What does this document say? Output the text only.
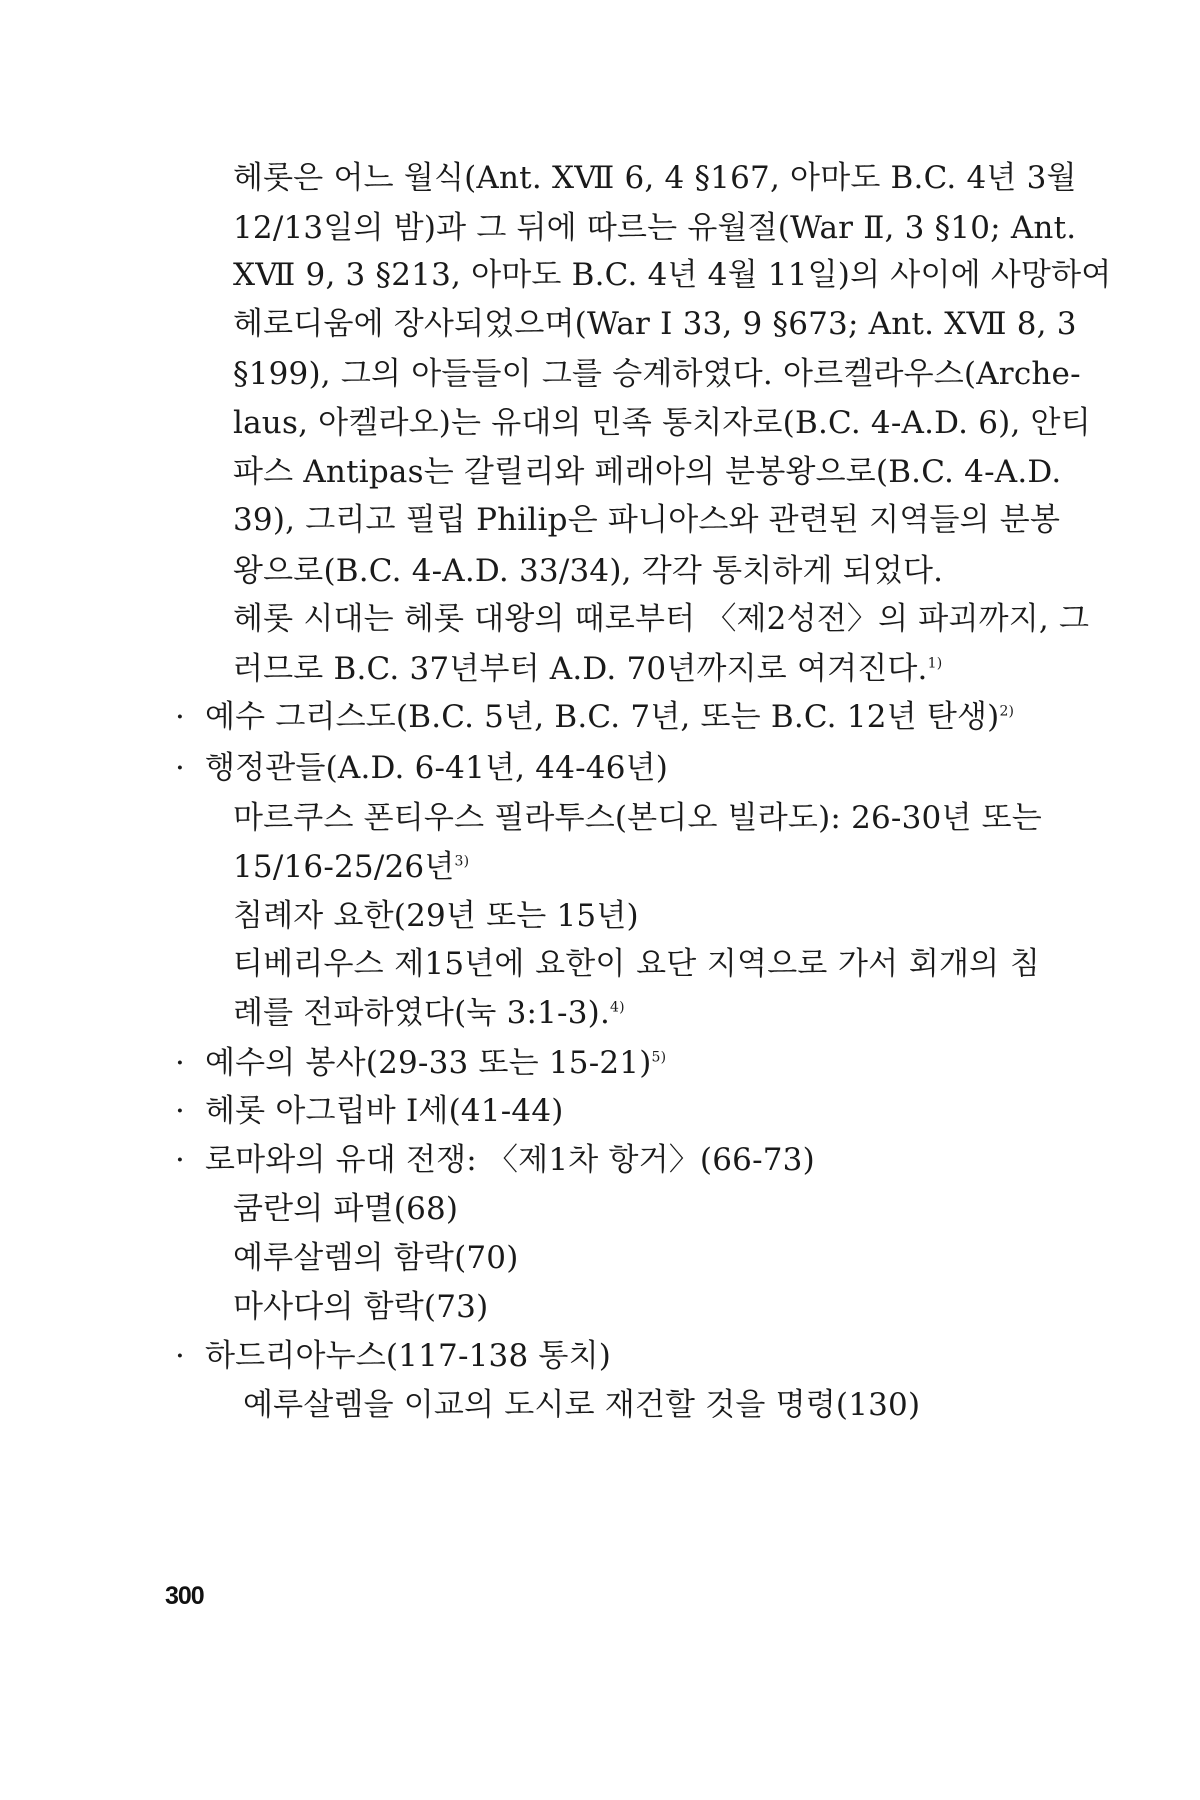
헤롯은 어느 월식(Ant. XⅦ 6, 4 §167, 아마도 B.C. 4년 3월
12/13일의 밤)과 그 뒤에 따르는 유월절(War Ⅱ, 3 §10; Ant.
XⅦ 9, 3 §213, 아마도 B.C. 4년 4월 11일)의 사이에 사망하여
헤로디움에 장사되었으며(War Ⅰ 33, 9 §673; Ant. XⅦ 8, 3
§199), 그의 아들들이 그를 승계하였다. 아르켈라우스(Arche-
laus, 아켈라오)는 유대의 민족 통치자로(B.C. 4-A.D. 6), 안티
파스 Antipas는 갈릴리와 페래아의 분봉왕으로(B.C. 4-A.D.
39), 그리고 필립 Philip은 파니아스와 관련된 지역들의 분봉
왕으로(B.C. 4-A.D. 33/34), 각각 통치하게 되었다.
헤롯 시대는 헤롯 대왕의 때로부터 〈제2성전〉의 파괴까지, 그
러므로 B.C. 37년부터 A.D. 70년까지로 여겨진다.$^{1)}$
· 예수 그리스도(B.C. 5년, B.C. 7년, 또는 B.C. 12년 탄생)$^{2)}$
· 행정관들(A.D. 6-41년, 44-46년)
마르쿠스 폰티우스 필라투스(본디오 빌라도): 26-30년 또는
15/16-25/26년$^{3)}$
침례자 요한(29년 또는 15년)
티베리우스 제15년에 요한이 요단 지역으로 가서 회개의 침
례를 전파하였다(눅 3:1-3).$^{4)}$
· 예수의 봉사(29-33 또는 15-21)$^{5)}$
· 헤롯 아그립바 Ⅰ세(41-44)
· 로마와의 유대 전쟁: 〈제1차 항거〉(66-73)
쿰란의 파멸(68)
예루살렘의 함락(70)
마사다의 함락(73)
· 하드리아누스(117-138 통치)
예루살렘을 이교의 도시로 재건할 것을 명령(130)
300
